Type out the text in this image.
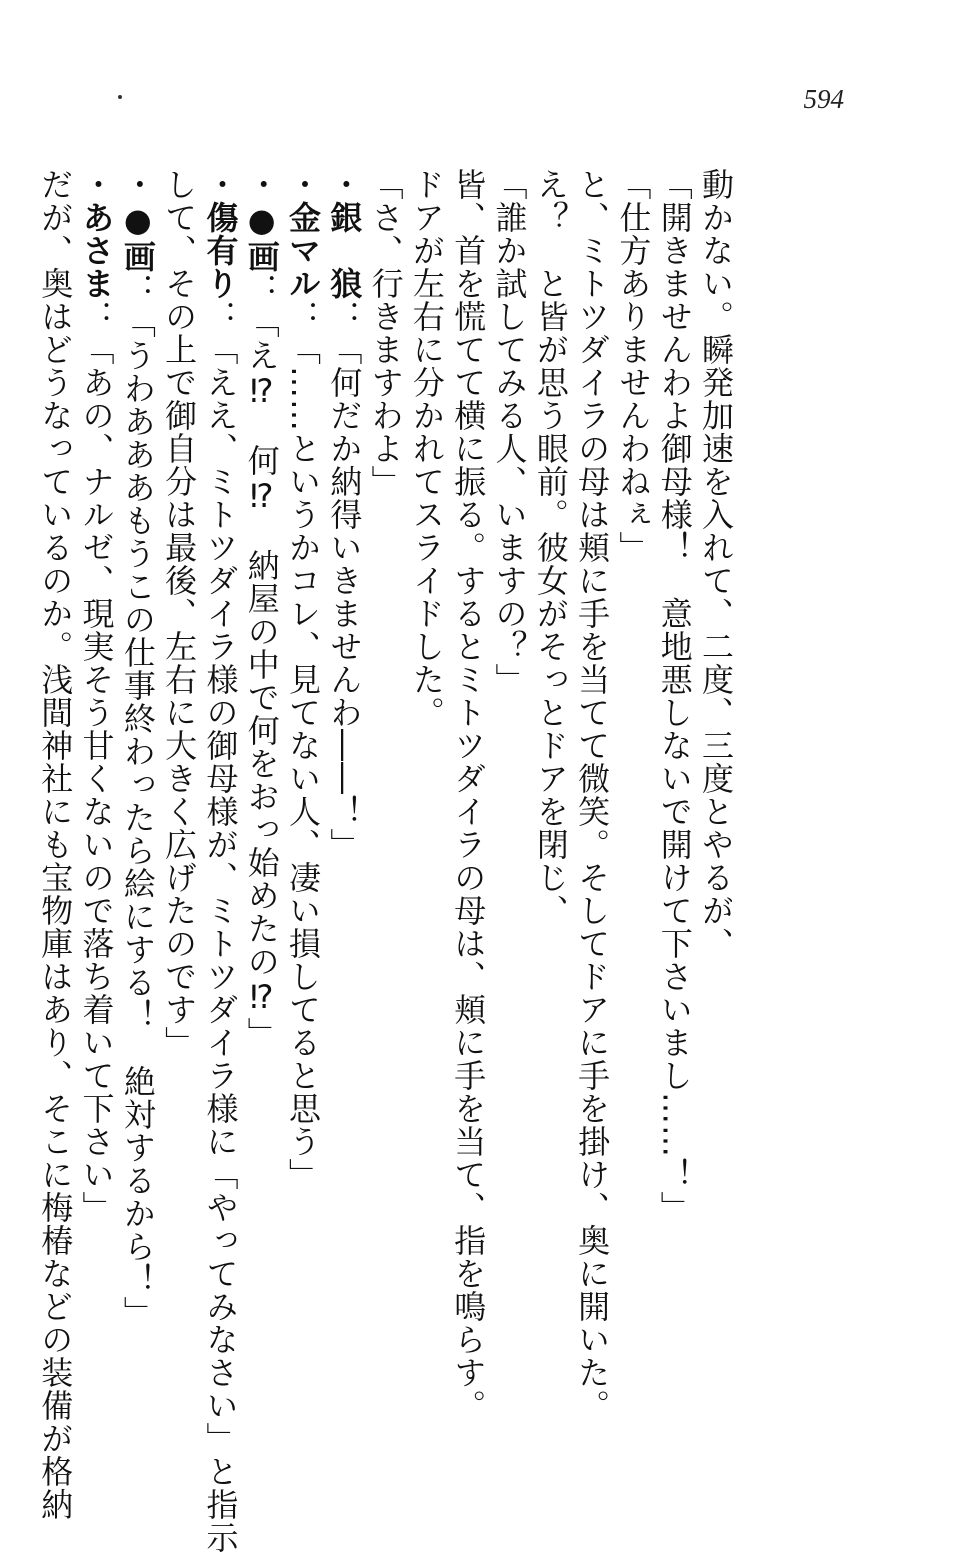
594
動かない。瞬発加速を入れて、二度、三度とやるが、
「開きませんわよ御母様！　意地悪しないで開けて下さいまし……！」
「仕方ありませんわねぇ」
と、ミトツダイラの母は頬に手を当てて微笑。そしてドアに手を掛け、奥に開いた。
え？　と皆が思う眼前。彼女がそっとドアを閉じ、
「誰か試してみる人、いますの？」
皆、首を慌てて横に振る。するとミトツダイラの母は、頬に手を当て、指を鳴らす。
ドアが左右に分かれてスライドした。
「さ、行きますわよ」
・銀　狼：「何だか納得いきませんわ――！」
・金マル：「……というかコレ、見てない人、凄い損してると思う」
・●画：「え⁉　何⁉　納屋の中で何をおっ始めたの⁉」
・傷有り：「ええ、ミトツダイラ様の御母様が、ミトツダイラ様に「やってみなさい」と指示
して、その上で御自分は最後、左右に大きく広げたのです」
・●画：「うわあああもうこの仕事終わったら絵にする！　絶対するから！」
・あさま：「あの、ナルゼ、現実そう甘くないので落ち着いて下さい」
だが、奥はどうなっているのか。浅間神社にも宝物庫はあり、そこに梅椿などの装備が格納
